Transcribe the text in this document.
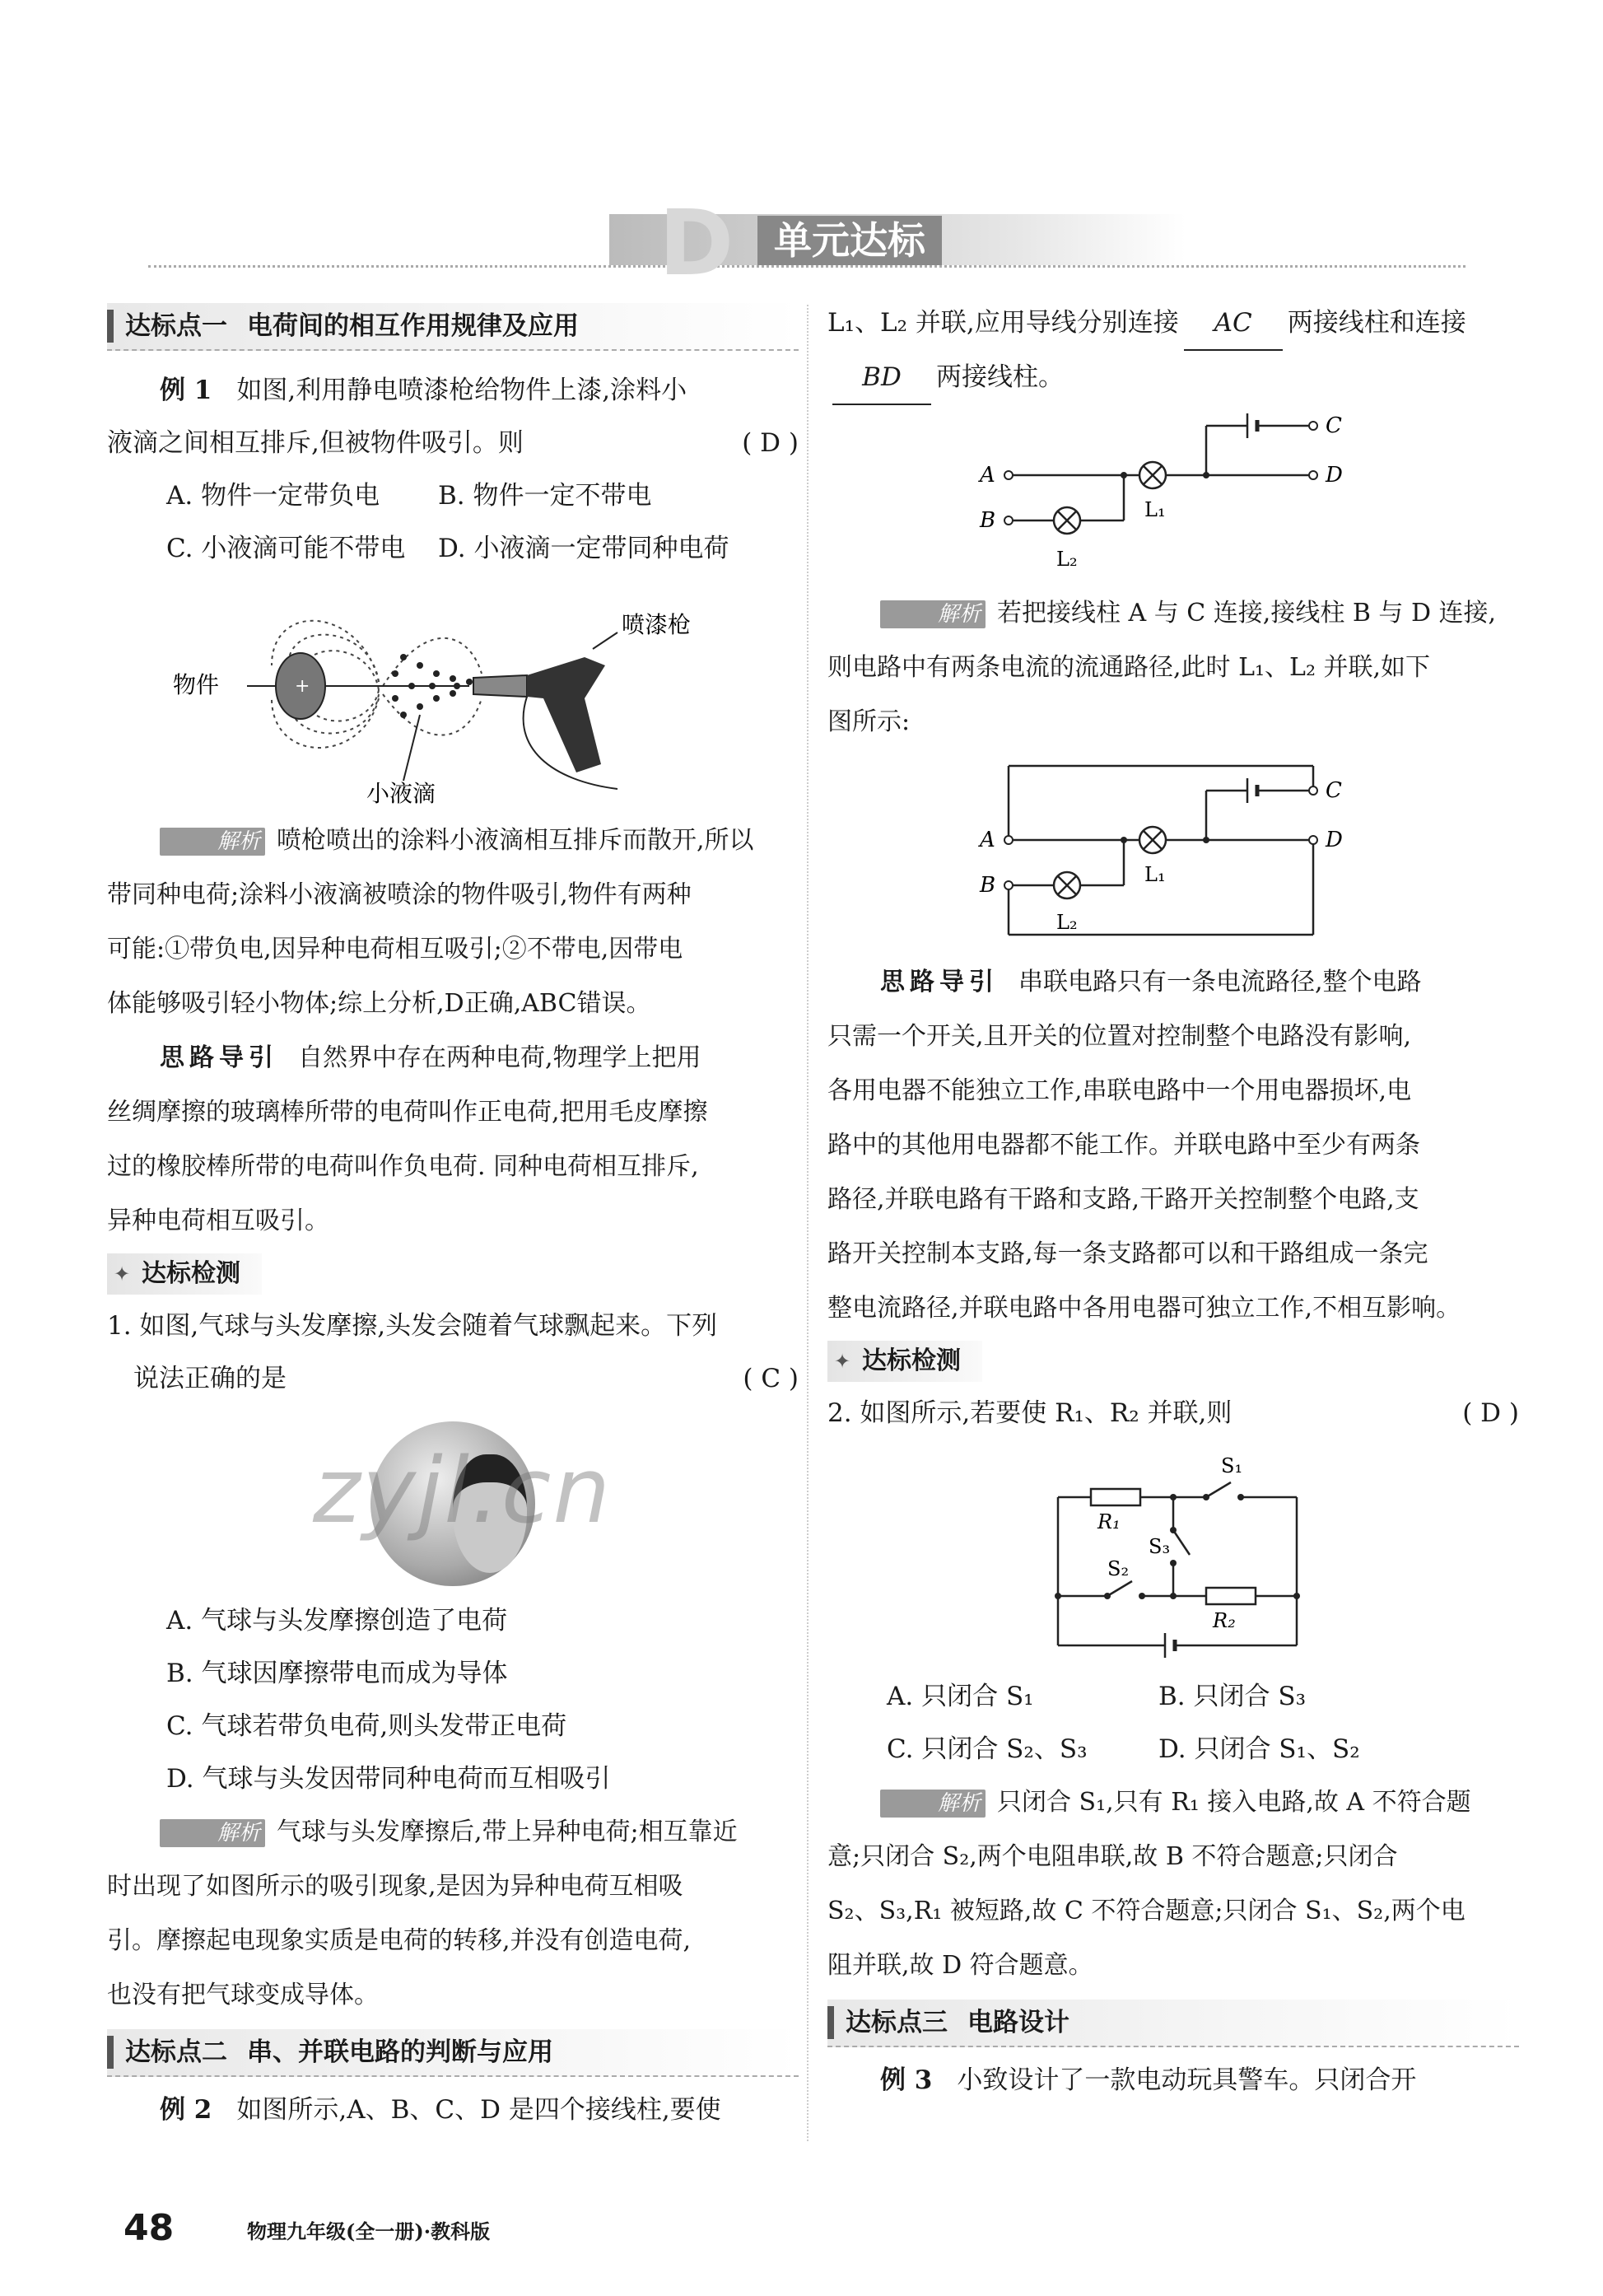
D	单元达标
达标点一 电荷间的相互作用规律及应用

例 1 如图,利用静电喷漆枪给物件上漆,涂料小

液滴之间相互排斥,但被物件吸引。则	( D )

A. 物件一定带负电	B. 物件一定不带电
C. 小液滴可能不带电	D. 小液滴一定带同种电荷
+
物件
喷漆枪
小液滴

解析 喷枪喷出的涂料小液滴相互排斥而散开,所以

带同种电荷;涂料小液滴被喷涂的物件吸引,物件有两种

可能:①带负电,因异种电荷相互吸引;②不带电,因带电

体能够吸引轻小物体;综上分析,D正确,ABC错误。

思路导引 自然界中存在两种电荷,物理学上把用

丝绸摩擦的玻璃棒所带的电荷叫作正电荷,把用毛皮摩擦

过的橡胶棒所带的电荷叫作负电荷. 同种电荷相互排斥,

异种电荷相互吸引。

✦ 达标检测

1. 如图,气球与头发摩擦,头发会随着气球飘起来。下列

说法正确的是	( C )

zyjl.cn

A. 气球与头发摩擦创造了电荷

B. 气球因摩擦带电而成为导体

C. 气球若带负电荷,则头发带正电荷

D. 气球与头发因带同种电荷而互相吸引

解析 气球与头发摩擦后,带上异种电荷;相互靠近

时出现了如图所示的吸引现象,是因为异种电荷互相吸

引。摩擦起电现象实质是电荷的转移,并没有创造电荷,

也没有把气球变成导体。

达标点二 串、并联电路的判断与应用

例 2 如图所示,A、B、C、D 是四个接线柱,要使

L₁、L₂ 并联,应用导线分别连接 AC 两接线柱和连接

BD 两接线柱。

A
B
C
D
L₁
L₂

解析 若把接线柱 A 与 C 连接,接线柱 B 与 D 连接,

则电路中有两条电流的流通路径,此时 L₁、L₂ 并联,如下

图所示:

A
B
C
D
L₁
L₂

思路导引 串联电路只有一条电流路径,整个电路

只需一个开关,且开关的位置对控制整个电路没有影响,

各用电器不能独立工作,串联电路中一个用电器损坏,电

路中的其他用电器都不能工作。并联电路中至少有两条

路径,并联电路有干路和支路,干路开关控制整个电路,支

路开关控制本支路,每一条支路都可以和干路组成一条完

整电流路径,并联电路中各用电器可独立工作,不相互影响。

✦ 达标检测

2. 如图所示,若要使 R₁、R₂ 并联,则	( D )

R₁
R₂
S₁
S₃
S₂
A. 只闭合 S₁	B. 只闭合 S₃
C. 只闭合 S₂、S₃	D. 只闭合 S₁、S₂

解析 只闭合 S₁,只有 R₁ 接入电路,故 A 不符合题

意;只闭合 S₂,两个电阻串联,故 B 不符合题意;只闭合

S₂、S₃,R₁ 被短路,故 C 不符合题意;只闭合 S₁、S₂,两个电

阻并联,故 D 符合题意。

达标点三 电路设计

例 3 小致设计了一款电动玩具警车。只闭合开

48	物理九年级(全一册)·教科版
